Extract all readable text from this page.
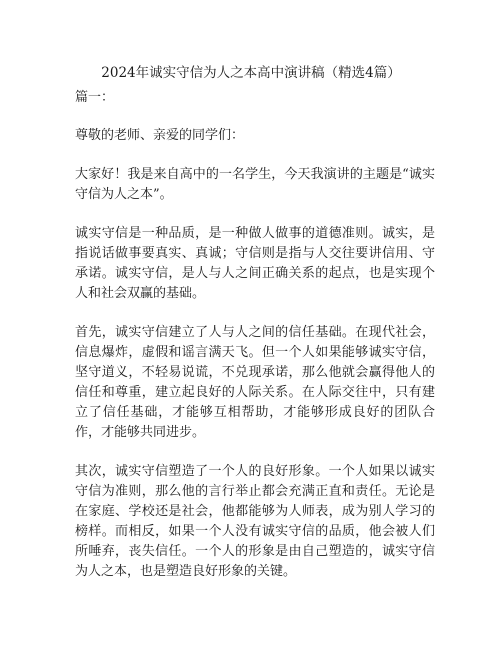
2024年诚实守信为人之本高中演讲稿（精选4篇）

篇一：

尊敬的老师、亲爱的同学们：

大家好！我是来自高中的一名学生，今天我演讲的主题是“诚实守信为人之本”。

诚实守信是一种品质，是一种做人做事的道德准则。诚实，是指说话做事要真实、真诚；守信则是指与人交往要讲信用、守承诺。诚实守信，是人与人之间正确关系的起点，也是实现个人和社会双赢的基础。

首先，诚实守信建立了人与人之间的信任基础。在现代社会，信息爆炸，虚假和谣言满天飞。但一个人如果能够诚实守信，坚守道义，不轻易说谎，不兑现承诺，那么他就会赢得他人的信任和尊重，建立起良好的人际关系。在人际交往中，只有建立了信任基础，才能够互相帮助，才能够形成良好的团队合作，才能够共同进步。

其次，诚实守信塑造了一个人的良好形象。一个人如果以诚实守信为准则，那么他的言行举止都会充满正直和责任。无论是在家庭、学校还是社会，他都能够为人师表，成为别人学习的榜样。而相反，如果一个人没有诚实守信的品质，他会被人们所唾弃，丧失信任。一个人的形象是由自己塑造的，诚实守信为人之本，也是塑造良好形象的关键。
